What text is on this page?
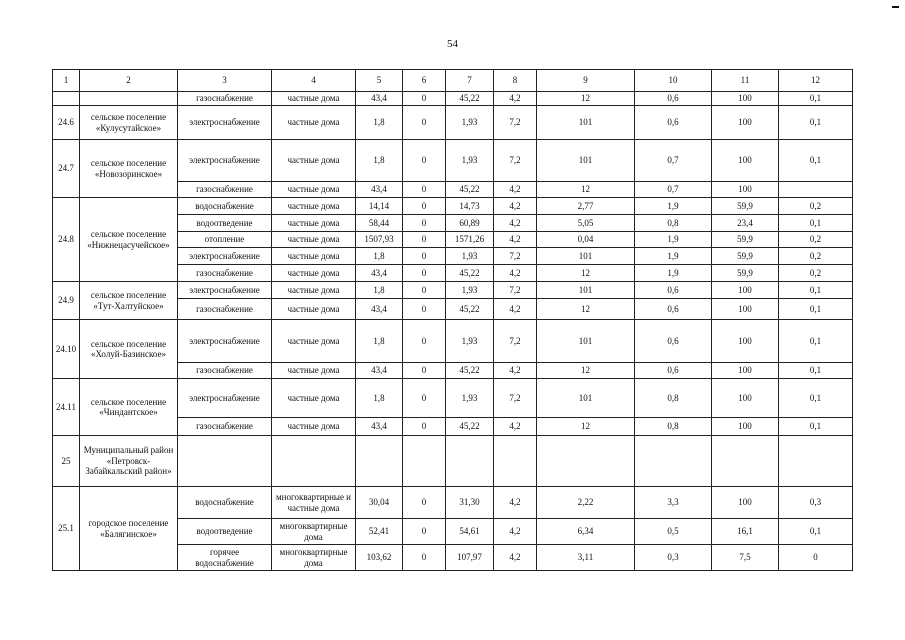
54
1	2	3	4	5	6	7	8	9	10	11	12
		газоснабжение	частные дома	43,4	0	45,22	4,2	12	0,6	100	0,1
24.6	сельское поселение «Кулусутайское»	электроснабжение	частные дома	1,8	0	1,93	7,2	101	0,6	100	0,1
24.7	сельское поселение «Новозоринское»	электроснабжение	частные дома	1,8	0	1,93	7,2	101	0,7	100	0,1
		газоснабжение	частные дома	43,4	0	45,22	4,2	12	0,7	100	
24.8	сельское поселение «Нижнецасучейское»	водоснабжение	частные дома	14,14	0	14,73	4,2	2,77	1,9	59,9	0,2
		водоотведение	частные дома	58,44	0	60,89	4,2	5,05	0,8	23,4	0,1
		отопление	частные дома	1507,93	0	1571,26	4,2	0,04	1,9	59,9	0,2
		электроснабжение	частные дома	1,8	0	1,93	7,2	101	1,9	59,9	0,2
		газоснабжение	частные дома	43,4	0	45,22	4,2	12	1,9	59,9	0,2
24.9	сельское поселение «Тут-Халтуйское»	электроснабжение	частные дома	1,8	0	1,93	7,2	101	0,6	100	0,1
		газоснабжение	частные дома	43,4	0	45,22	4,2	12	0,6	100	0,1
24.10	сельское поселение «Холуй-Базинское»	электроснабжение	частные дома	1,8	0	1,93	7,2	101	0,6	100	0,1
		газоснабжение	частные дома	43,4	0	45,22	4,2	12	0,6	100	0,1
24.11	сельское поселение «Чиндантское»	электроснабжение	частные дома	1,8	0	1,93	7,2	101	0,8	100	0,1
		газоснабжение	частные дома	43,4	0	45,22	4,2	12	0,8	100	0,1
25	Муниципальный район «Петровск-Забайкальский район»										
25.1	городское поселение «Балягинское»	водоснабжение	многоквартирные и частные дома	30,04	0	31,30	4,2	2,22	3,3	100	0,3
		водоотведение	многоквартирные дома	52,41	0	54,61	4,2	6,34	0,5	16,1	0,1
		горячее водоснабжение	многоквартирные дома	103,62	0	107,97	4,2	3,11	0,3	7,5	0
